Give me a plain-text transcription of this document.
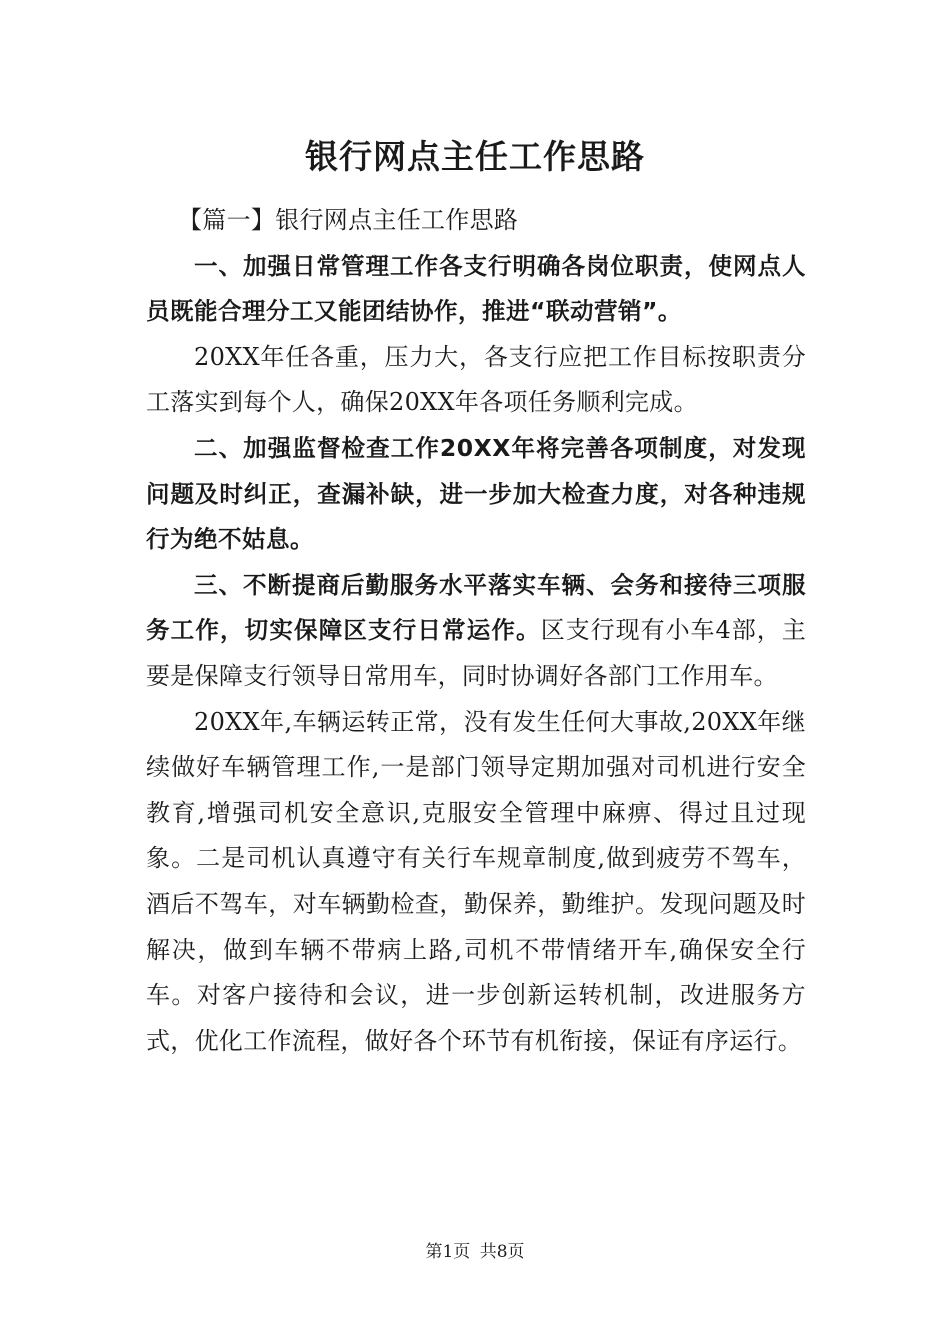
银行网点主任工作思路

【篇一】银行网点主任工作思路

一、加强日常管理工作各支行明确各岗位职责，使网点人员既能合理分工又能团结协作，推进“联动营销”。

20XX年任各重，压力大，各支行应把工作目标按职责分工落实到每个人，确保20XX年各项任务顺利完成。

二、加强监督检查工作20XX年将完善各项制度，对发现问题及时纠正，查漏补缺，进一步加大检查力度，对各种违规行为绝不姑息。

三、不断提商后勤服务水平落实车辆、会务和接待三项服务工作，切实保障区支行日常运作。区支行现有小车4部，主要是保障支行领导日常用车，同时协调好各部门工作用车。

20XX年,车辆运转正常，没有发生任何大事故,20XX年继续做好车辆管理工作,一是部门领导定期加强对司机进行安全教育,增强司机安全意识,克服安全管理中麻痹、得过且过现象。二是司机认真遵守有关行车规章制度,做到疲劳不驾车，酒后不驾车，对车辆勤检查，勤保养，勤维护。发现问题及时解决，做到车辆不带病上路,司机不带情绪开车,确保安全行车。对客户接待和会议，进一步创新运转机制，改进服务方式，优化工作流程，做好各个环节有机衔接，保证有序运行。

第1页 共8页
